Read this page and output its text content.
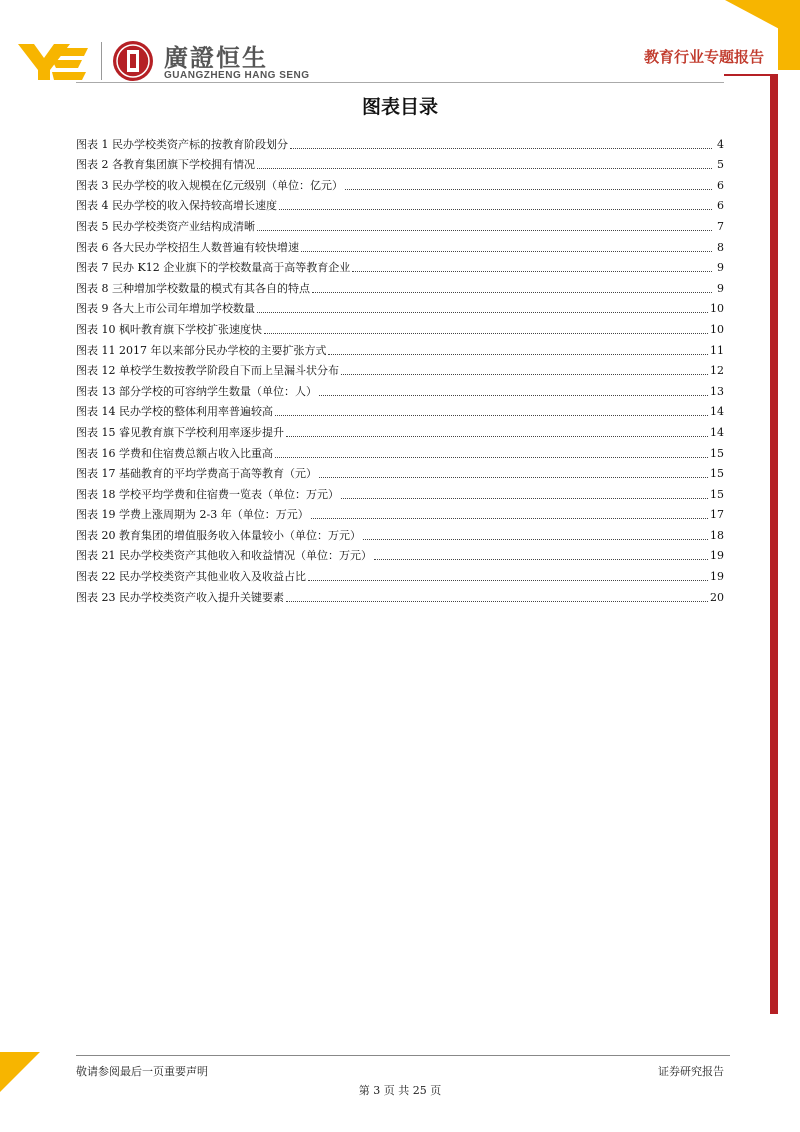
廣證恒生
GUANGZHENG HANG SENG
教育行业专题报告
图表目录
图表 1 民办学校类资产标的按教育阶段划分	4
图表 2 各教育集团旗下学校拥有情况	5
图表 3 民办学校的收入规模在亿元级别（单位：亿元）	6
图表 4 民办学校的收入保持较高增长速度	6
图表 5 民办学校类资产业结构成清晰	7
图表 6 各大民办学校招生人数普遍有较快增速	8
图表 7 民办 K12 企业旗下的学校数量高于高等教育企业	9
图表 8 三种增加学校数量的模式有其各自的特点	9
图表 9 各大上市公司年增加学校数量	10
图表 10 枫叶教育旗下学校扩张速度快	10
图表 11 2017 年以来部分民办学校的主要扩张方式	11
图表 12 单校学生数按教学阶段自下而上呈漏斗状分布	12
图表 13 部分学校的可容纳学生数量（单位：人）	13
图表 14 民办学校的整体利用率普遍较高	14
图表 15 睿见教育旗下学校利用率逐步提升	14
图表 16 学费和住宿费总额占收入比重高	15
图表 17 基础教育的平均学费高于高等教育（元）	15
图表 18 学校平均学费和住宿费一览表（单位：万元）	15
图表 19 学费上涨周期为 2-3 年（单位：万元）	17
图表 20 教育集团的增值服务收入体量较小（单位：万元）	18
图表 21 民办学校类资产其他收入和收益情况（单位：万元）	19
图表 22 民办学校类资产其他业收入及收益占比	19
图表 23 民办学校类资产收入提升关键要素	20
敬请参阅最后一页重要声明	证券研究报告
第 3 页 共 25 页
